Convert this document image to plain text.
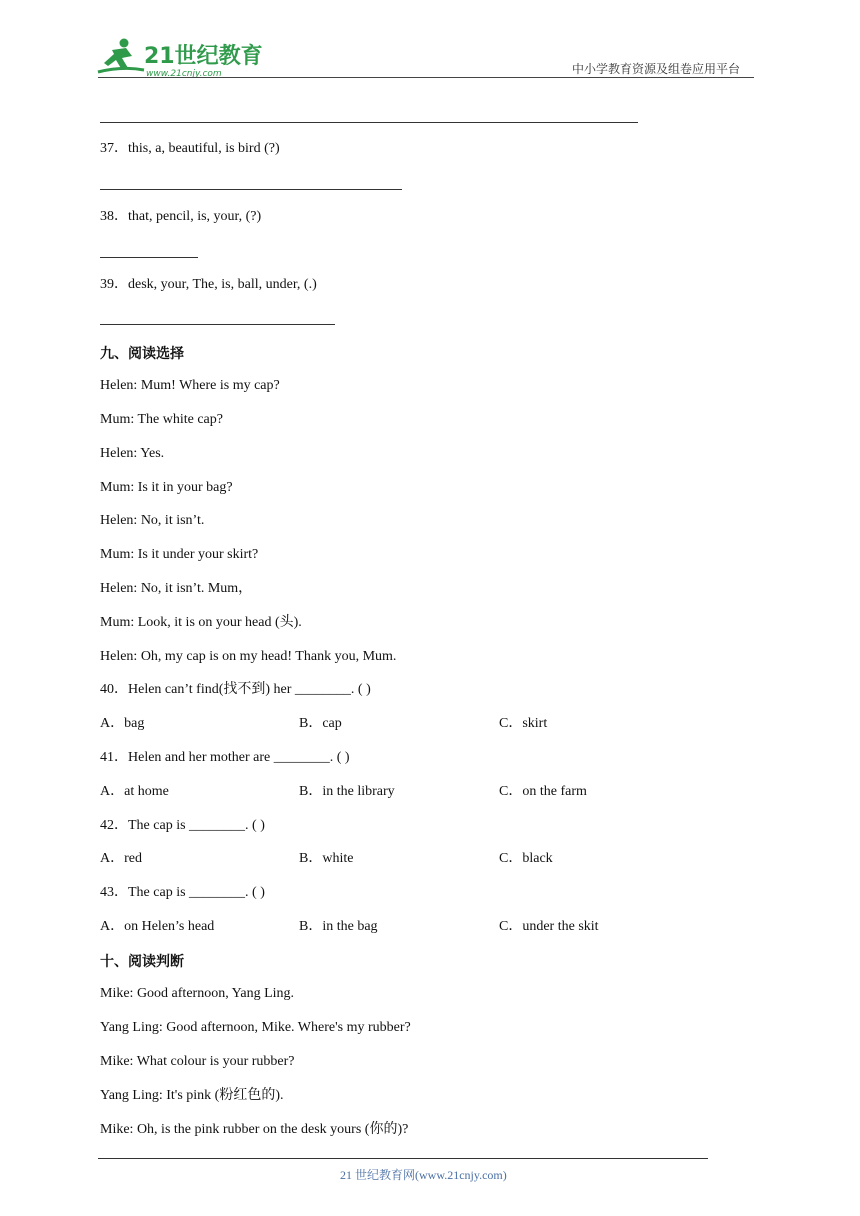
21世纪教育
www.21cnjy.com	中小学教育资源及组卷应用平台
37．this, a, beautiful, is bird (?)
38．that, pencil, is, your, (?)
39．desk, your, The, is, ball, under, (.)
九、阅读选择
Helen: Mum! Where is my cap?
Mum: The white cap?
Helen: Yes.
Mum: Is it in your bag?
Helen: No, it isn’t.
Mum: Is it under your skirt?
Helen: No, it isn’t. Mum，
Mum: Look, it is on your head (头).
Helen: Oh, my cap is on my head! Thank you, Mum.
40．Helen can’t find(找不到) her ________. ( )
A．bag	B．cap	C．skirt
41．Helen and her mother are ________. ( )
A．at home	B．in the library	C．on the farm
42．The cap is ________. ( )
A．red	B．white	C．black
43．The cap is ________. ( )
A．on Helen’s head	B．in the bag	C．under the skit
十、阅读判断
Mike: Good afternoon, Yang Ling.
Yang Ling: Good afternoon, Mike. Where's my rubber?
Mike: What colour is your rubber?
Yang Ling: It's pink (粉红色的).
Mike: Oh, is the pink rubber on the desk yours (你的)?
21 世纪教育网(www.21cnjy.com)
